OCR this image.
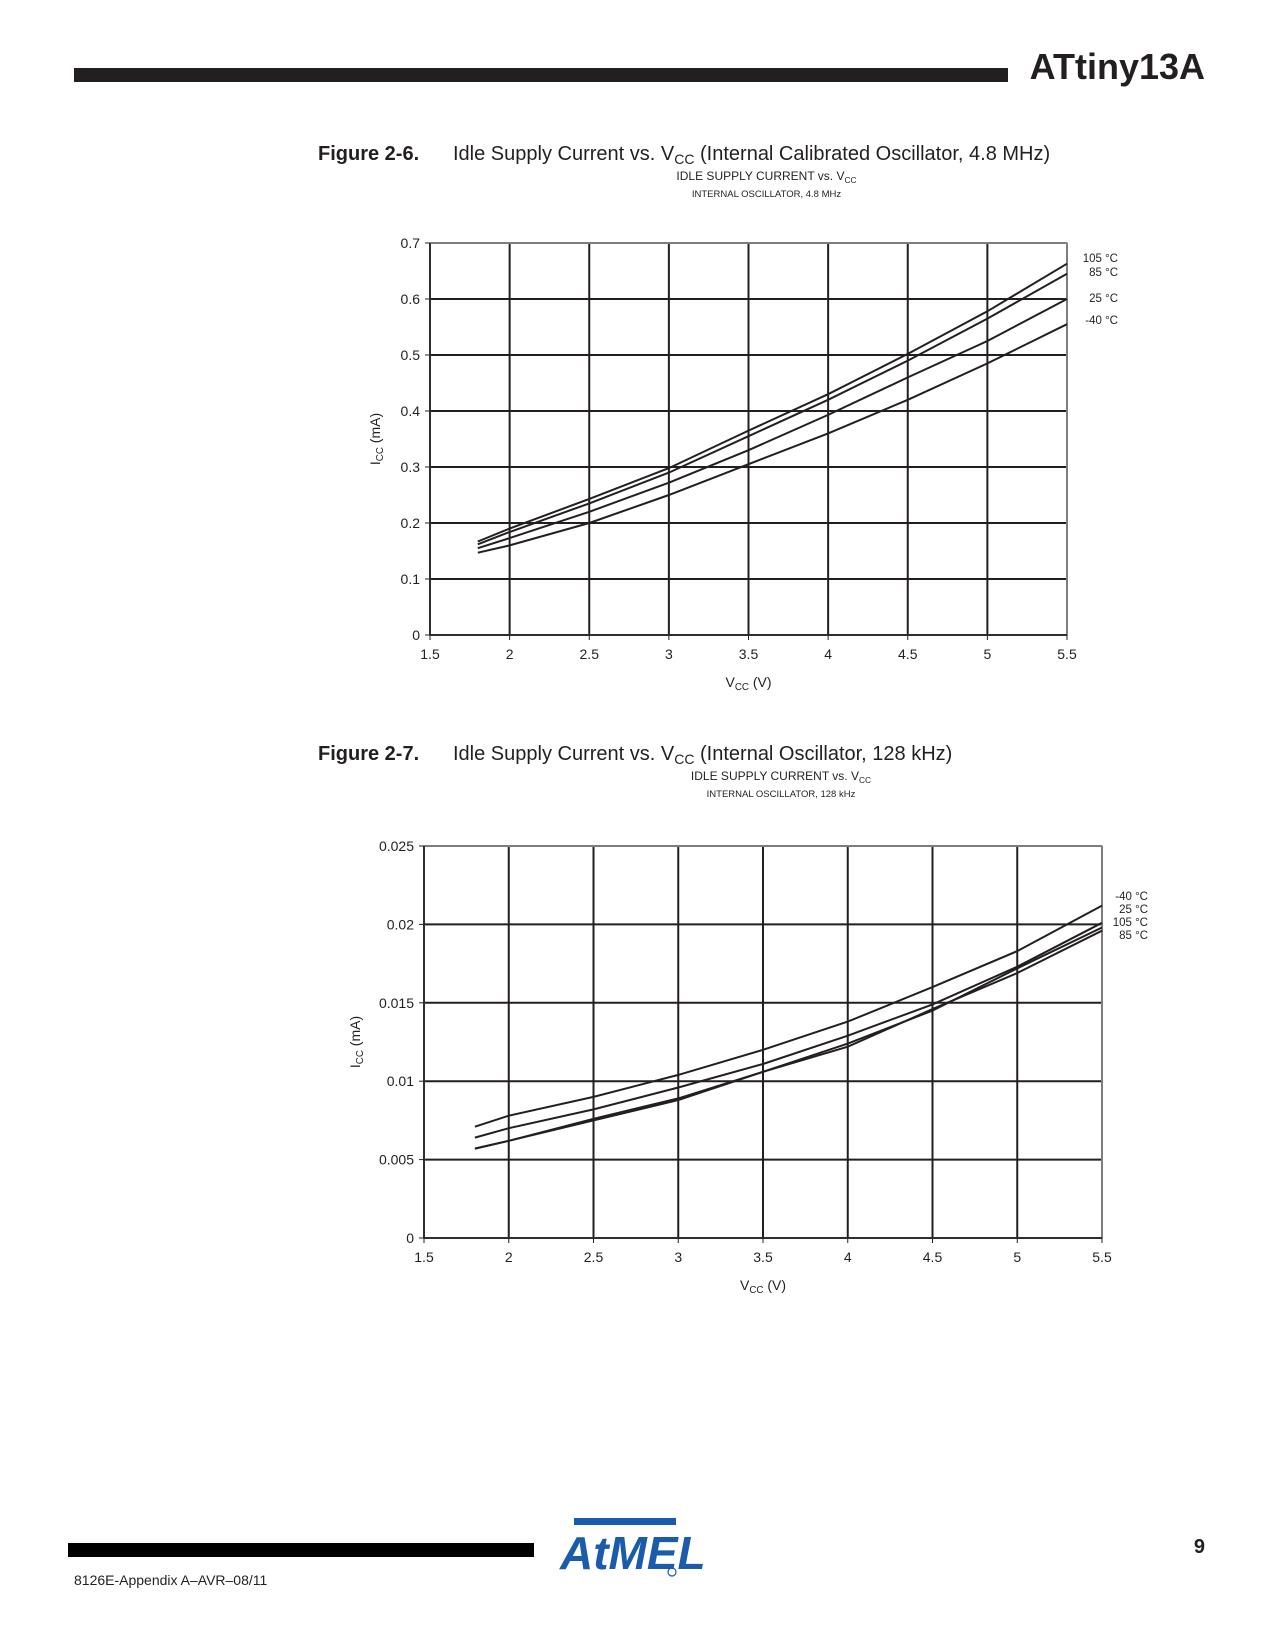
ATtiny13A
Figure 2-6. Idle Supply Current vs. $V_{CC}$ (Internal Calibrated Oscillator, 4.8 MHz)
IDLE SUPPLY CURRENT vs. $V_{CC}$
INTERNAL OSCILLATOR, 4.8 MHz
1.5	2	2.5	3	3.5	4	4.5	5	5.5
0
0.1
0.2
0.3
0.4
0.5
0.6
0.7
$V_{CC}$ (V)
$I_{CC}$ (mA)
105 °C
85 °C
25 °C
-40 °C
Figure 2-7. Idle Supply Current vs. $V_{CC}$ (Internal Oscillator, 128 kHz)
IDLE SUPPLY CURRENT vs. $V_{CC}$
INTERNAL OSCILLATOR, 128 kHz
1.5	2	2.5	3	3.5	4	4.5	5	5.5
0
0.005
0.01
0.015
0.02
0.025
$V_{CC}$ (V)
$I_{CC}$ (mA)
-40 °C
25 °C
105 °C
85 °C
8126E-Appendix A–AVR–08/11
9
AtMEL
